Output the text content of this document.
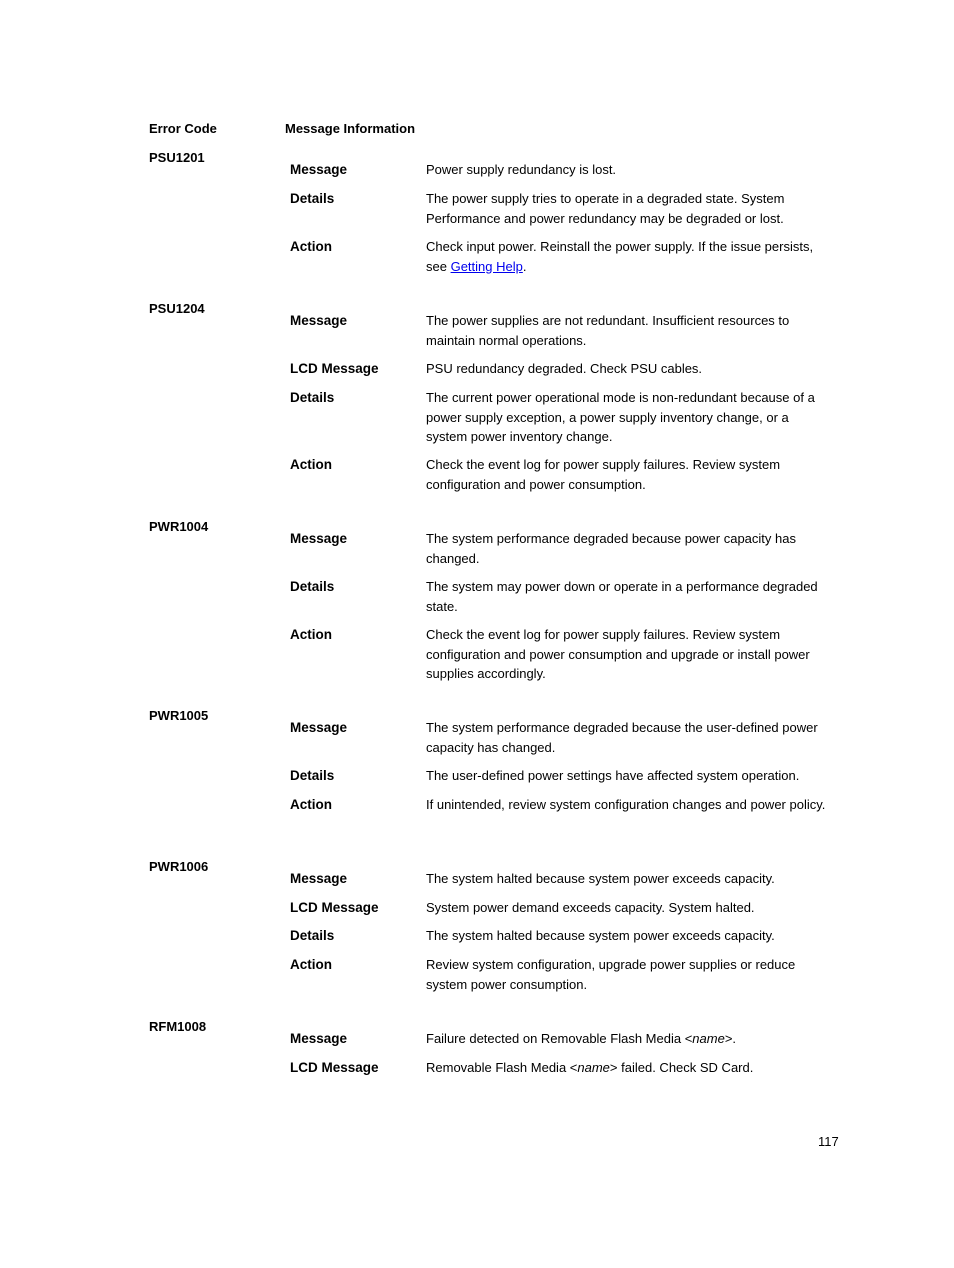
Error Code	Message Information
PSU1201
Message	Power supply redundancy is lost.
Details	The power supply tries to operate in a degraded state. System Performance and power redundancy may be degraded or lost.
Action	Check input power. Reinstall the power supply. If the issue persists, see Getting Help.
PSU1204
Message	The power supplies are not redundant. Insufficient resources to maintain normal operations.
LCD Message	PSU redundancy degraded. Check PSU cables.
Details	The current power operational mode is non-redundant because of a power supply exception, a power supply inventory change, or a system power inventory change.
Action	Check the event log for power supply failures. Review system configuration and power consumption.
PWR1004
Message	The system performance degraded because power capacity has changed.
Details	The system may power down or operate in a performance degraded state.
Action	Check the event log for power supply failures. Review system configuration and power consumption and upgrade or install power supplies accordingly.
PWR1005
Message	The system performance degraded because the user-defined power capacity has changed.
Details	The user-defined power settings have affected system operation.
Action	If unintended, review system configuration changes and power policy.
PWR1006
Message	The system halted because system power exceeds capacity.
LCD Message	System power demand exceeds capacity. System halted.
Details	The system halted because system power exceeds capacity.
Action	Review system configuration, upgrade power supplies or reduce system power consumption.
RFM1008
Message	Failure detected on Removable Flash Media <name>.
LCD Message	Removable Flash Media <name> failed. Check SD Card.
117
